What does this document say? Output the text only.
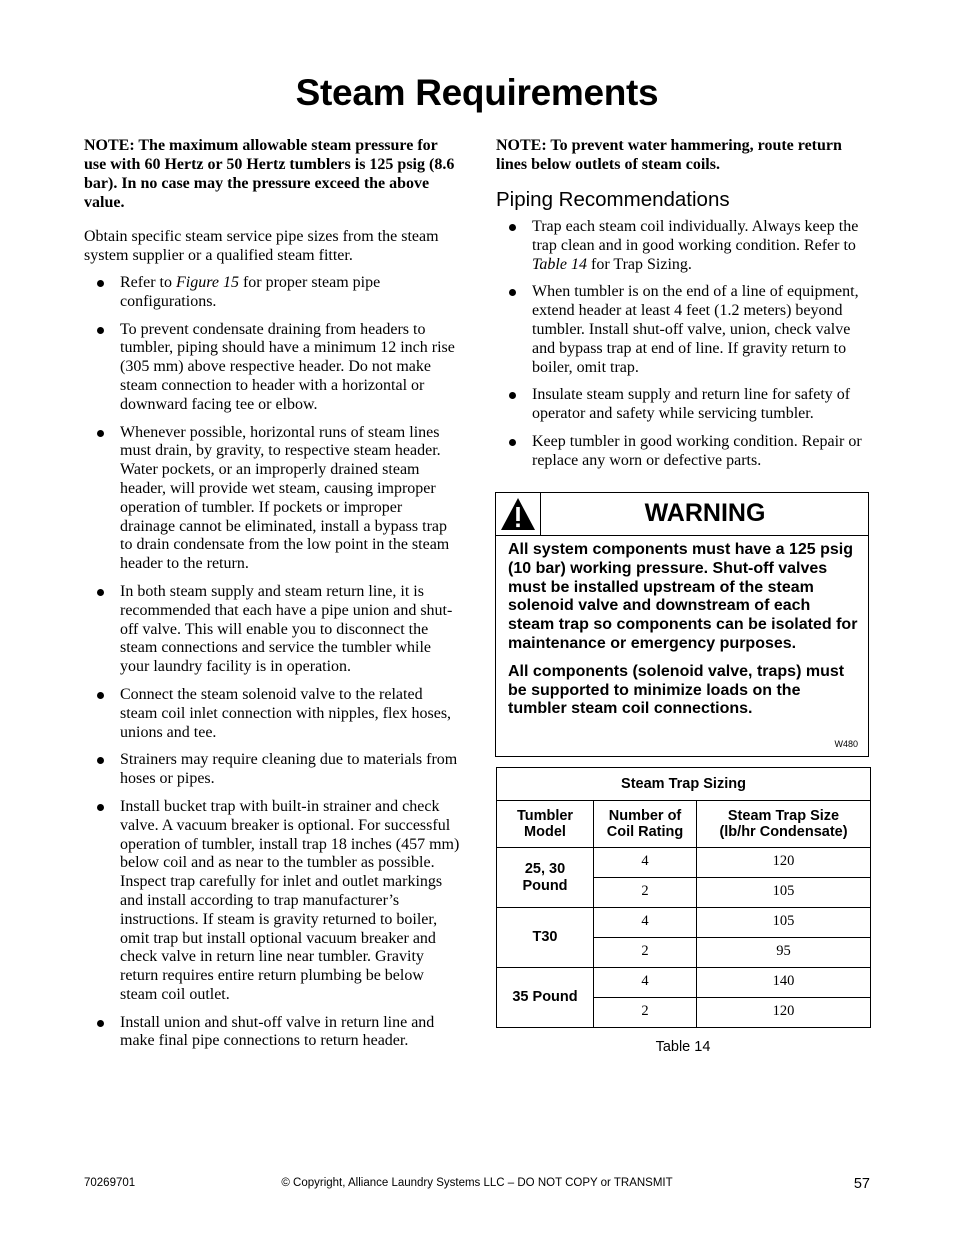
Steam Requirements

NOTE: The maximum allowable steam pressure for use with 60 Hertz or 50 Hertz tumblers is 125 psig (8.6 bar). In no case may the pressure exceed the above value.

Obtain specific steam service pipe sizes from the steam system supplier or a qualified steam fitter.

Refer to Figure 15 for proper steam pipe configurations.
To prevent condensate draining from headers to tumbler, piping should have a minimum 12 inch rise (305 mm) above respective header. Do not make steam connection to header with a horizontal or downward facing tee or elbow.
Whenever possible, horizontal runs of steam lines must drain, by gravity, to respective steam header. Water pockets, or an improperly drained steam header, will provide wet steam, causing improper operation of tumbler. If pockets or improper drainage cannot be eliminated, install a bypass trap to drain condensate from the low point in the steam header to the return.
In both steam supply and steam return line, it is recommended that each have a pipe union and shut-off valve. This will enable you to disconnect the steam connections and service the tumbler while your laundry facility is in operation.
Connect the steam solenoid valve to the related steam coil inlet connection with nipples, flex hoses, unions and tee.
Strainers may require cleaning due to materials from hoses or pipes.
Install bucket trap with built-in strainer and check valve. A vacuum breaker is optional. For successful operation of tumbler, install trap 18 inches (457 mm) below coil and as near to the tumbler as possible. Inspect trap carefully for inlet and outlet markings and install according to trap manufacturer’s instructions. If steam is gravity returned to boiler, omit trap but install optional vacuum breaker and check valve in return line near tumbler. Gravity return requires entire return plumbing be below steam coil outlet.
Install union and shut-off valve in return line and make final pipe connections to return header.

NOTE: To prevent water hammering, route return lines below outlets of steam coils.

Piping Recommendations
Trap each steam coil individually. Always keep the trap clean and in good working condition. Refer to Table 14 for Trap Sizing.
When tumbler is on the end of a line of equipment, extend header at least 4 feet (1.2 meters) beyond tumbler. Install shut-off valve, union, check valve and bypass trap at end of line. If gravity return to boiler, omit trap.
Insulate steam supply and return line for safety of operator and safety while servicing tumbler.
Keep tumbler in good working condition. Repair or replace any worn or defective parts.
WARNING

All system components must have a 125 psig (10 bar) working pressure. Shut-off valves must be installed upstream of the steam solenoid valve and downstream of each steam trap so components can be isolated for maintenance or emergency purposes.

All components (solenoid valve, traps) must be supported to minimize loads on the tumbler steam coil connections.

W480
Steam Trap Sizing		
Tumbler Model	Number of Coil Rating	Steam Trap Size (lb/hr Condensate)
25, 30 Pound	4	120
	2	105
T30	4	105
	2	95
35 Pound	4	140
	2	120
Table 14
70269701	© Copyright, Alliance Laundry Systems LLC – DO NOT COPY or TRANSMIT	57
